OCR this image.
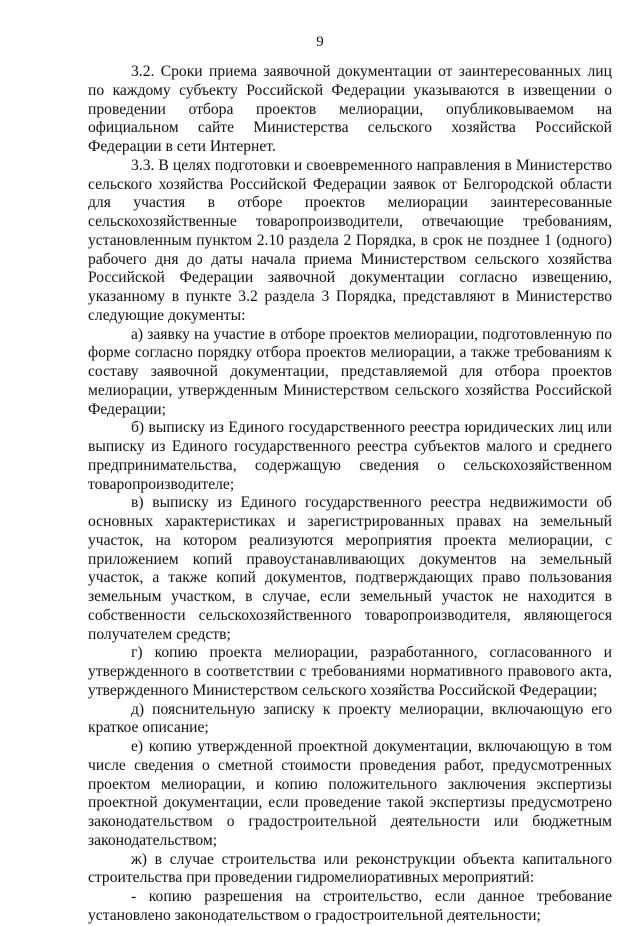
9

3.2. Сроки приема заявочной документации от заинтересованных лиц по каждому субъекту Российской Федерации указываются в извещении о проведении отбора проектов мелиорации, опубликовываемом на официальном сайте Министерства сельского хозяйства Российской Федерации в сети Интернет.

3.3. В целях подготовки и своевременного направления в Министерство сельского хозяйства Российской Федерации заявок от Белгородской области для участия в отборе проектов мелиорации заинтересованные сельскохозяйственные товаропроизводители, отвечающие требованиям, установленным пунктом 2.10 раздела 2 Порядка, в срок не позднее 1 (одного) рабочего дня до даты начала приема Министерством сельского хозяйства Российской Федерации заявочной документации согласно извещению, указанному в пункте 3.2 раздела 3 Порядка, представляют в Министерство следующие документы:

а) заявку на участие в отборе проектов мелиорации, подготовленную по форме согласно порядку отбора проектов мелиорации, а также требованиям к составу заявочной документации, представляемой для отбора проектов мелиорации, утвержденным Министерством сельского хозяйства Российской Федерации;

б) выписку из Единого государственного реестра юридических лиц или выписку из Единого государственного реестра субъектов малого и среднего предпринимательства, содержащую сведения о сельскохозяйственном товаропроизводителе;

в) выписку из Единого государственного реестра недвижимости об основных характеристиках и зарегистрированных правах на земельный участок, на котором реализуются мероприятия проекта мелиорации, с приложением копий правоустанавливающих документов на земельный участок, а также копий документов, подтверждающих право пользования земельным участком, в случае, если земельный участок не находится в собственности сельскохозяйственного товаропроизводителя, являющегося получателем средств;

г) копию проекта мелиорации, разработанного, согласованного и утвержденного в соответствии с требованиями нормативного правового акта, утвержденного Министерством сельского хозяйства Российской Федерации;

д) пояснительную записку к проекту мелиорации, включающую его краткое описание;

е) копию утвержденной проектной документации, включающую в том числе сведения о сметной стоимости проведения работ, предусмотренных проектом мелиорации, и копию положительного заключения экспертизы проектной документации, если проведение такой экспертизы предусмотрено законодательством о градостроительной деятельности или бюджетным законодательством;

ж) в случае строительства или реконструкции объекта капитального строительства при проведении гидромелиоративных мероприятий:

- копию разрешения на строительство, если данное требование установлено законодательством о градостроительной деятельности;
